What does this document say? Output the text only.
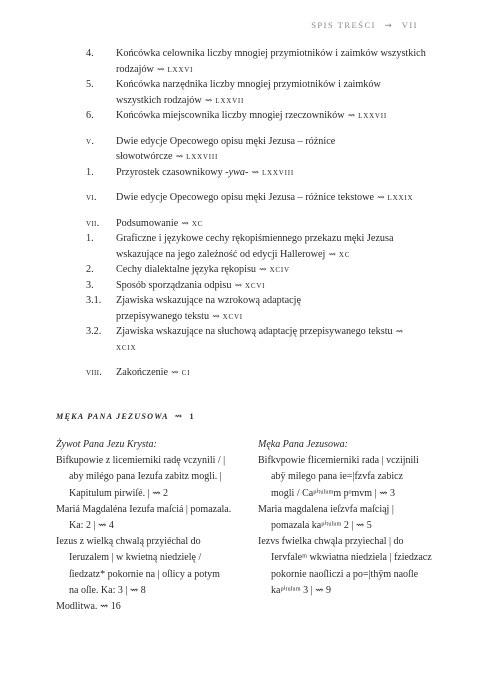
SPIS TREŚCI ⇝ VII
4. Końcówka celownika liczby mnogiej przymiotników i zaimków wszystkich
rodzajów ⇝ lxxvi
5. Końcówka narzędnika liczby mnogiej przymiotników i zaimków
wszystkich rodzajów ⇝ lxxvii
6. Końcówka miejscownika liczby mnogiej rzeczowników ⇝ lxxvii
v. Dwie edycje Opecowego opisu męki Jezusa – różnice
słowotwórcze ⇝ lxxviii
1. Przyrostek czasownikowy -ywa- ⇝ lxxviii
vi. Dwie edycje Opecowego opisu męki Jezusa – różnice tekstowe ⇝ lxxix
vii. Podsumowanie ⇝ xc
1. Graficzne i językowe cechy rękopiśmiennego przekazu męki Jezusa
wskazujące na jego zależność od edycji Hallerowej ⇝ xc
2. Cechy dialektalne języka rękopisu ⇝ xciv
3. Sposób sporządzania odpisu ⇝ xcvi
3.1. Zjawiska wskazujące na wzrokową adaptację
przepisywanego tekstu ⇝ xcvi
3.2. Zjawiska wskazujące na słuchową adaptację przepisywanego tekstu ⇝xcix
viii. Zakończenie ⇝ ci
MĘKA PANA JEZUSOWA ⇝ 1
Żywot Pana Jezu Krysta:
Bifkupowie z licemierniki radę vczynili / |
aby milégo pana Iezufa zabitz mogli. |
Kapitulum pirwiſé. | ⇝ 2
Mariá Magdaléna Iezufa maſciá | pomazala.
Ka: 2 | ⇝ 4
Iezus z wielką chwalą przyiéchal do
Ieruzalem | w kwietną niedzielę /
ſiedzatz* pokornie na | oſlicy a potym
na oſle. Ka: 3 | ⇝ 8
Modlitwa. ⇝ 16
Męka Pana Jezusowa:
Bifkvpowie flicemierniki rada | vczijnili
abÿ milego pana ie=|fzvfa zabicz
mogli / Caᵖⁱᵗᵘˡᵘᵐm pᵒmvm | ⇝ 3
Maria magdalena ieſzvfa maſciąj |
pomazala kaᵖⁱᵗᵘˡᵘᵐ 2 | ⇝ 5
Iezvs fwielka chwąla przyiechal | do
Iervfaleᵐ wkwiatna niedziela | fziedzacz
pokornie naoſliczi a po=|thÿm naoſle
kaᵖⁱᵗᵘˡᵘᵐ 3 | ⇝ 9
